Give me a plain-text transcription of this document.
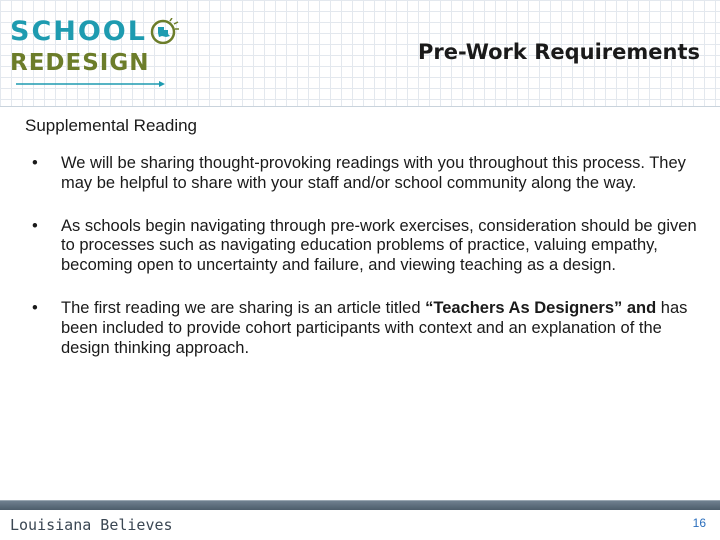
SCHOOL
REDESIGN	Pre-Work Requirements
Supplemental Reading
• We will be sharing thought-provoking readings with you throughout this process. They may be helpful to share with your staff and/or school community along the way.
• As schools begin navigating through pre-work exercises, consideration should be given to processes such as navigating education problems of practice, valuing empathy, becoming open to uncertainty and failure, and viewing teaching as a design.
• The first reading we are sharing is an article titled “Teachers As Designers” and has been included to provide cohort participants with context and an explanation of the design thinking approach.
Louisiana Believes	16
